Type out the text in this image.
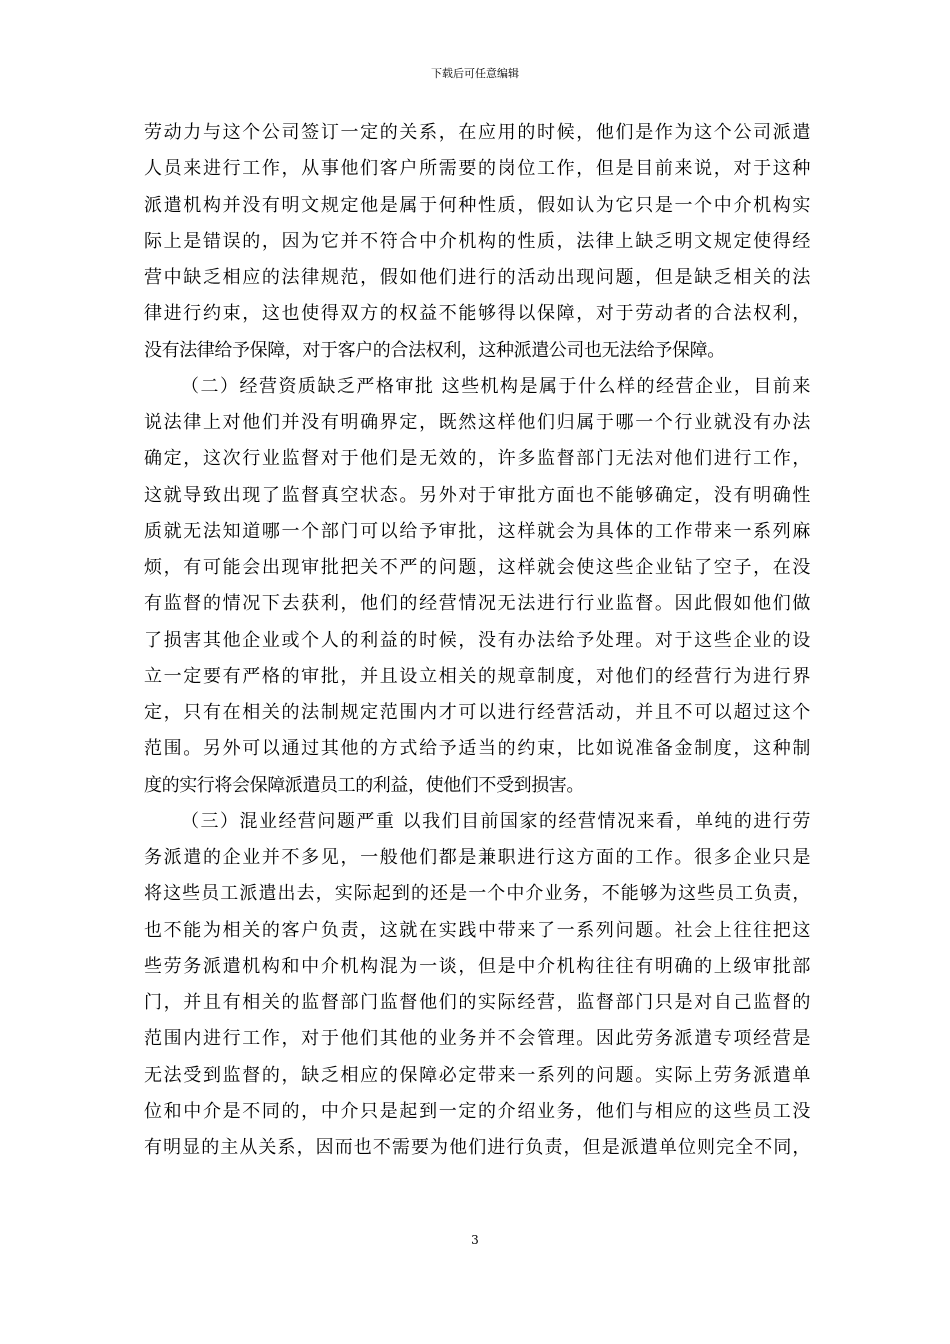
下载后可任意编辑
劳动力与这个公司签订一定的关系，在应用的时候，他们是作为这个公司派遣
人员来进行工作，从事他们客户所需要的岗位工作，但是目前来说，对于这种
派遣机构并没有明文规定他是属于何种性质，假如认为它只是一个中介机构实
际上是错误的，因为它并不符合中介机构的性质，法律上缺乏明文规定使得经
营中缺乏相应的法律规范，假如他们进行的活动出现问题，但是缺乏相关的法
律进行约束，这也使得双方的权益不能够得以保障，对于劳动者的合法权利，
没有法律给予保障，对于客户的合法权利，这种派遣公司也无法给予保障。
（二）经营资质缺乏严格审批 这些机构是属于什么样的经营企业，目前来
说法律上对他们并没有明确界定，既然这样他们归属于哪一个行业就没有办法
确定，这次行业监督对于他们是无效的，许多监督部门无法对他们进行工作，
这就导致出现了监督真空状态。另外对于审批方面也不能够确定，没有明确性
质就无法知道哪一个部门可以给予审批，这样就会为具体的工作带来一系列麻
烦，有可能会出现审批把关不严的问题，这样就会使这些企业钻了空子，在没
有监督的情况下去获利，他们的经营情况无法进行行业监督。因此假如他们做
了损害其他企业或个人的利益的时候，没有办法给予处理。对于这些企业的设
立一定要有严格的审批，并且设立相关的规章制度，对他们的经营行为进行界
定，只有在相关的法制规定范围内才可以进行经营活动，并且不可以超过这个
范围。另外可以通过其他的方式给予适当的约束，比如说准备金制度，这种制
度的实行将会保障派遣员工的利益，使他们不受到损害。
（三）混业经营问题严重 以我们目前国家的经营情况来看，单纯的进行劳
务派遣的企业并不多见，一般他们都是兼职进行这方面的工作。很多企业只是
将这些员工派遣出去，实际起到的还是一个中介业务，不能够为这些员工负责，
也不能为相关的客户负责，这就在实践中带来了一系列问题。社会上往往把这
些劳务派遣机构和中介机构混为一谈，但是中介机构往往有明确的上级审批部
门，并且有相关的监督部门监督他们的实际经营，监督部门只是对自己监督的
范围内进行工作，对于他们其他的业务并不会管理。因此劳务派遣专项经营是
无法受到监督的，缺乏相应的保障必定带来一系列的问题。实际上劳务派遣单
位和中介是不同的，中介只是起到一定的介绍业务，他们与相应的这些员工没
有明显的主从关系，因而也不需要为他们进行负责，但是派遣单位则完全不同，
3
